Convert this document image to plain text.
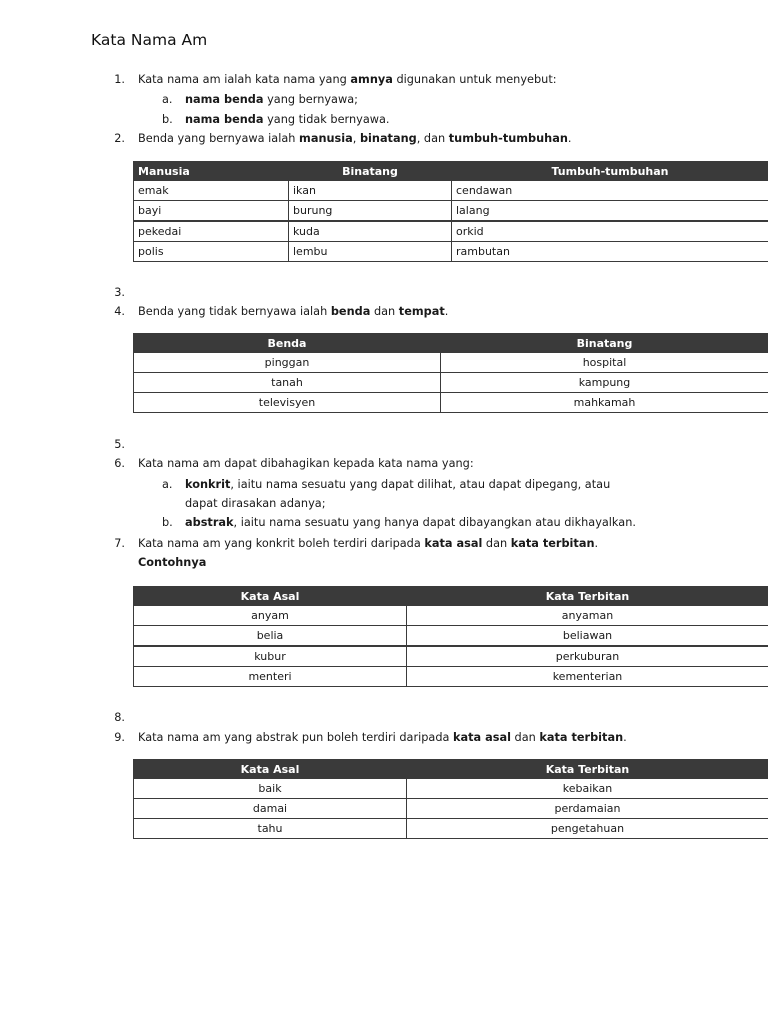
Kata Nama Am
1. Kata nama am ialah kata nama yang amnya digunakan untuk menyebut:
a. nama benda yang bernyawa;
b. nama benda yang tidak bernyawa.
2. Benda yang bernyawa ialah manusia, binatang, dan tumbuh-tumbuhan.
Manusia	Binatang	Tumbuh-tumbuhan
emak	ikan	cendawan
bayi	burung	lalang
pekedai	kuda	orkid
polis	lembu	rambutan
3.
4. Benda yang tidak bernyawa ialah benda dan tempat.
Benda	Binatang
pinggan	hospital
tanah	kampung
televisyen	mahkamah
5.
6. Kata nama am dapat dibahagikan kepada kata nama yang:
a. konkrit, iaitu nama sesuatu yang dapat dilihat, atau dapat dipegang, atau
dapat dirasakan adanya;
b. abstrak, iaitu nama sesuatu yang hanya dapat dibayangkan atau dikhayalkan.
7. Kata nama am yang konkrit boleh terdiri daripada kata asal dan kata terbitan.
Contohnya
Kata Asal	Kata Terbitan
anyam	anyaman
belia	beliawan
kubur	perkuburan
menteri	kementerian
8.
9. Kata nama am yang abstrak pun boleh terdiri daripada kata asal dan kata terbitan.
Kata Asal	Kata Terbitan
baik	kebaikan
damai	perdamaian
tahu	pengetahuan
